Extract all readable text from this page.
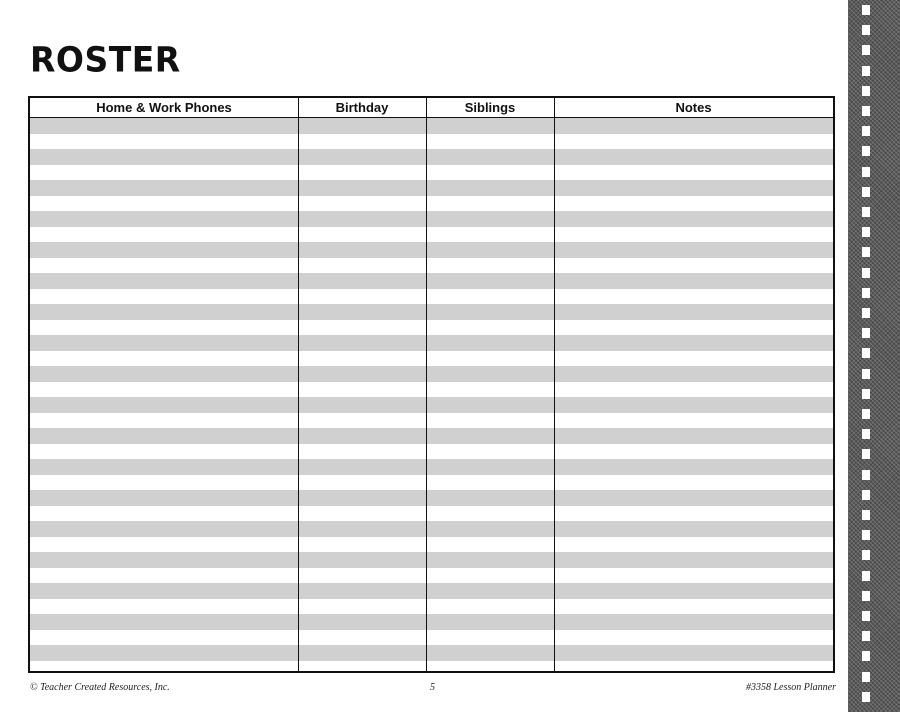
ROSTER
Home & Work Phones	Birthday	Siblings	Notes
© Teacher Created Resources, Inc.	5	#3358 Lesson Planner
